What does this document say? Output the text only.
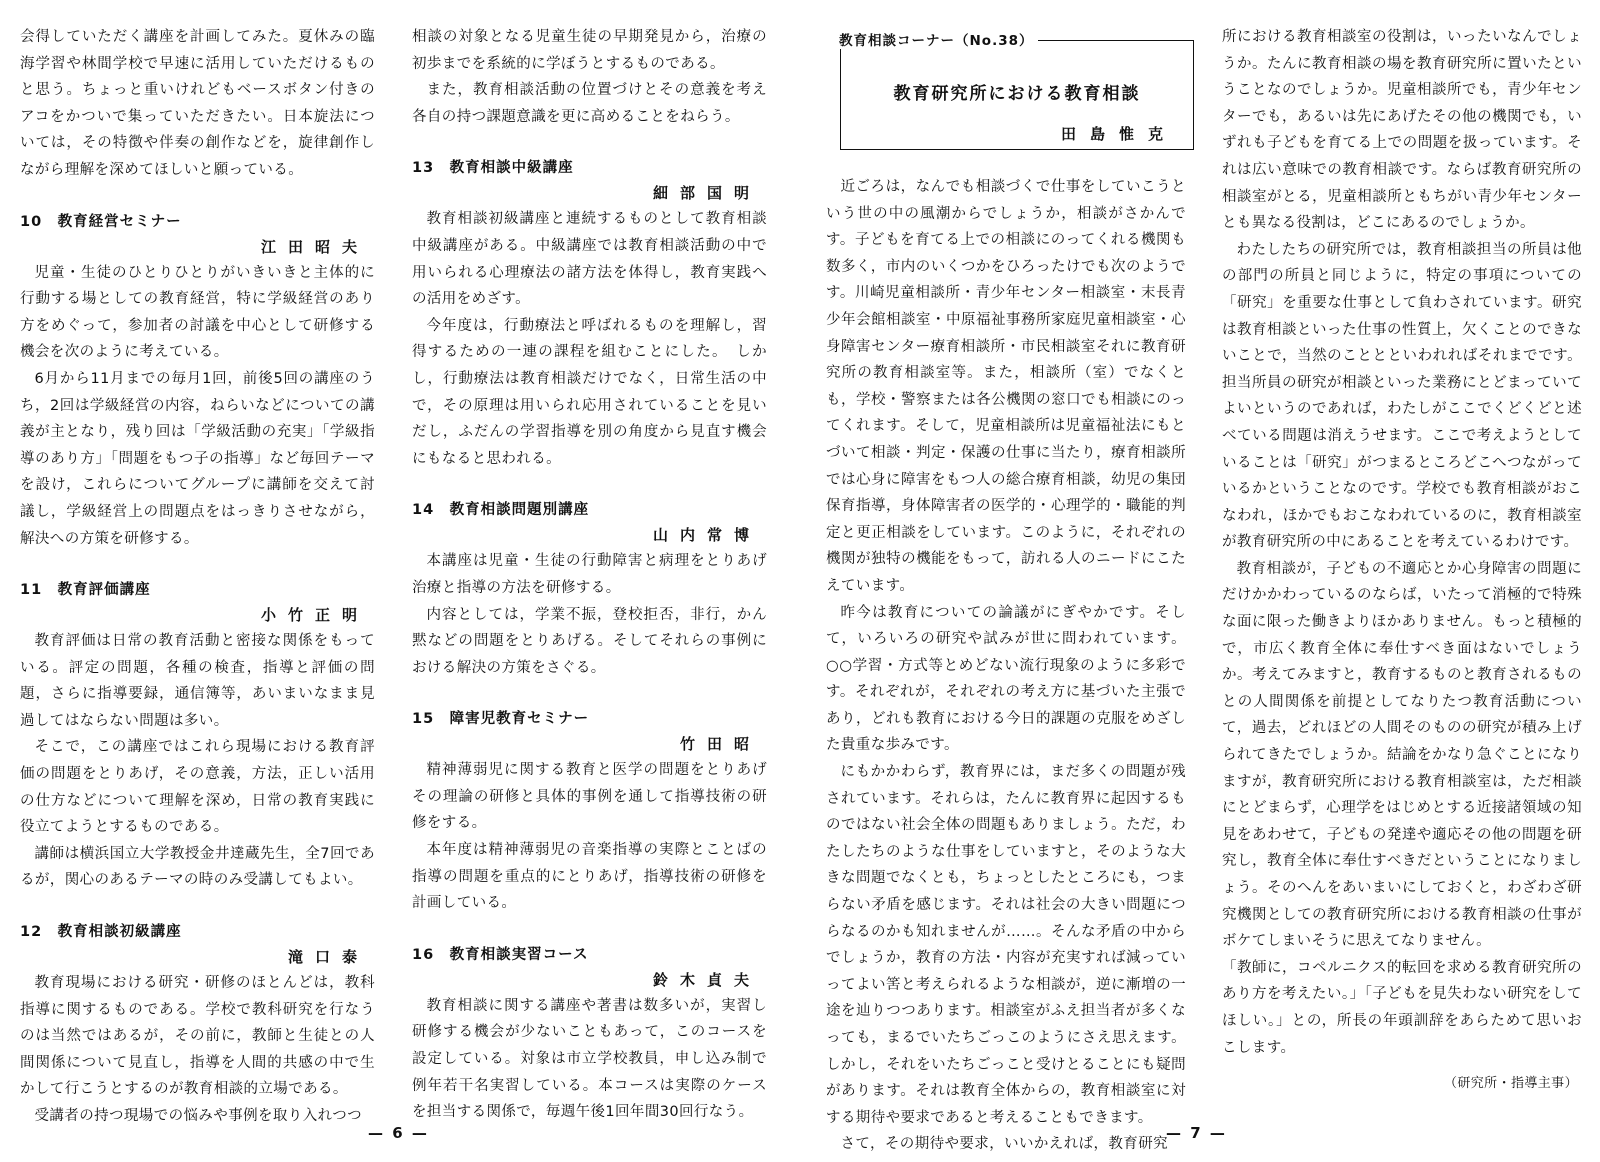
会得していただく講座を計画してみた。夏休みの臨海学習や林間学校で早速に活用していただけるものと思う。ちょっと重いけれどもベースボタン付きのアコをかついで集っていただきたい。日本旋法については，その特徴や伴奏の創作などを，旋律創作しながら理解を深めてほしいと願っている。

10　教育経営セミナー
江田昭夫

児童・生徒のひとりひとりがいきいきと主体的に行動する場としての教育経営，特に学級経営のあり方をめぐって，参加者の討議を中心として研修する機会を次のように考えている。

6月から11月までの毎月1回，前後5回の講座のうち，2回は学級経営の内容，ねらいなどについての講義が主となり，残り回は「学級活動の充実」「学級指導のあり方」「問題をもつ子の指導」など毎回テーマを設け，これらについてグループに講師を交えて討議し，学級経営上の問題点をはっきりさせながら，解決への方策を研修する。

11　教育評価講座
小竹正明

教育評価は日常の教育活動と密接な関係をもっている。評定の問題，各種の検査，指導と評価の問題，さらに指導要録，通信簿等，あいまいなまま見過してはならない問題は多い。

そこで，この講座ではこれら現場における教育評価の問題をとりあげ，その意義，方法，正しい活用の仕方などについて理解を深め，日常の教育実践に役立てようとするものである。

講師は横浜国立大学教授金井達蔵先生，全7回であるが，関心のあるテーマの時のみ受講してもよい。

12　教育相談初級講座
滝口泰

教育現場における研究・研修のほとんどは，教科指導に関するものである。学校で教科研究を行なうのは当然ではあるが，その前に，教師と生徒との人間関係について見直し，指導を人間的共感の中で生かして行こうとするのが教育相談的立場である。

受講者の持つ現場での悩みや事例を取り入れつつ

相談の対象となる児童生徒の早期発見から，治療の初歩までを系統的に学ぼうとするものである。

また，教育相談活動の位置づけとその意義を考え各自の持つ課題意識を更に高めることをねらう。

13　教育相談中級講座
細部国明

教育相談初級講座と連続するものとして教育相談中級講座がある。中級講座では教育相談活動の中で用いられる心理療法の諸方法を体得し，教育実践への活用をめざす。

今年度は，行動療法と呼ばれるものを理解し，習得するための一連の課程を組むことにした。　しかし，行動療法は教育相談だけでなく，日常生活の中で，その原理は用いられ応用されていることを見いだし，ふだんの学習指導を別の角度から見直す機会にもなると思われる。

14　教育相談問題別講座
山内常博

本講座は児童・生徒の行動障害と病理をとりあげ治療と指導の方法を研修する。

内容としては，学業不振，登校拒否，非行，かん黙などの問題をとりあげる。そしてそれらの事例における解決の方策をさぐる。

15　障害児教育セミナー
竹田昭

精神薄弱児に関する教育と医学の問題をとりあげその理論の研修と具体的事例を通して指導技術の研修をする。

本年度は精神薄弱児の音楽指導の実際とことばの指導の問題を重点的にとりあげ，指導技術の研修を計画している。

16　教育相談実習コース
鈴木貞夫

教育相談に関する講座や著書は数多いが，実習し研修する機会が少ないこともあって，このコースを設定している。対象は市立学校教員，申し込み制で例年若干名実習している。本コースは実際のケースを担当する関係で，毎週午後1回年間30回行なう。

— 6 —
教育相談コーナー（No.38）
教育研究所における教育相談
田島惟克

近ごろは，なんでも相談づくで仕事をしていこうという世の中の風潮からでしょうか，相談がさかんです。子どもを育てる上での相談にのってくれる機関も数多く，市内のいくつかをひろったけでも次のようです。川崎児童相談所・青少年センター相談室・末長青少年会館相談室・中原福祉事務所家庭児童相談室・心身障害センター療育相談所・市民相談室それに教育研究所の教育相談室等。また，相談所（室）でなくとも，学校・警察または各公機関の窓口でも相談にのってくれます。そして，児童相談所は児童福祉法にもとづいて相談・判定・保護の仕事に当たり，療育相談所では心身に障害をもつ人の総合療育相談，幼児の集団保育指導，身体障害者の医学的・心理学的・職能的判定と更正相談をしています。このように，それぞれの機関が独特の機能をもって，訪れる人のニードにこたえています。

昨今は教育についての論議がにぎやかです。そして，いろいろの研究や試みが世に問われています。○○学習・方式等とめどない流行現象のように多彩です。それぞれが，それぞれの考え方に基づいた主張であり，どれも教育における今日的課題の克服をめざした貴重な歩みです。

にもかかわらず，教育界には，まだ多くの問題が残されています。それらは，たんに教育界に起因するものではない社会全体の問題もありましょう。ただ，わたしたちのような仕事をしていますと，そのような大きな問題でなくとも，ちょっとしたところにも，つまらない矛盾を感じます。それは社会の大きい問題につらなるのかも知れませんが……。そんな矛盾の中からでしょうか，教育の方法・内容が充実すれば減っていってよい筈と考えられるような相談が，逆に漸増の一途を辿りつつあります。相談室がふえ担当者が多くなっても，まるでいたちごっこのようにさえ思えます。しかし，それをいたちごっこと受けとることにも疑問があります。それは教育全体からの，教育相談室に対する期待や要求であると考えることもできます。

さて，その期待や要求，いいかえれば，教育研究

所における教育相談室の役割は，いったいなんでしょうか。たんに教育相談の場を教育研究所に置いたということなのでしょうか。児童相談所でも，青少年センターでも，あるいは先にあげたその他の機関でも，いずれも子どもを育てる上での問題を扱っています。それは広い意味での教育相談です。ならば教育研究所の相談室がとる，児童相談所ともちがい青少年センターとも異なる役割は，どこにあるのでしょうか。

わたしたちの研究所では，教育相談担当の所員は他の部門の所員と同じように，特定の事項についての「研究」を重要な仕事として負わされています。研究は教育相談といった仕事の性質上，欠くことのできないことで，当然のこととといわれればそれまでです。担当所員の研究が相談といった業務にとどまっていてよいというのであれば，わたしがここでくどくどと述べている問題は消えうせます。ここで考えようとしていることは「研究」がつまるところどこへつながっているかということなのです。学校でも教育相談がおこなわれ，ほかでもおこなわれているのに，教育相談室が教育研究所の中にあることを考えているわけです。

教育相談が，子どもの不適応とか心身障害の問題にだけかかわっているのならば，いたって消極的で特殊な面に限った働きよりほかありません。もっと積極的で，市広く教育全体に奉仕すべき面はないでしょうか。考えてみますと，教育するものと教育されるものとの人間関係を前提としてなりたつ教育活動について，過去，どれほどの人間そのものの研究が積み上げられてきたでしょうか。結論をかなり急ぐことになりますが，教育研究所における教育相談室は，ただ相談にとどまらず，心理学をはじめとする近接諸領域の知見をあわせて，子どもの発達や適応その他の問題を研究し，教育全体に奉仕すべきだということになりましょう。そのへんをあいまいにしておくと，わざわざ研究機関としての教育研究所における教育相談の仕事がボケてしまいそうに思えてなりません。

「教師に，コペルニクス的転回を求める教育研究所のあり方を考えたい。」「子どもを見失わない研究をしてほしい。」との，所長の年頭訓辞をあらためて思いおこします。

（研究所・指導主事）

— 7 —
